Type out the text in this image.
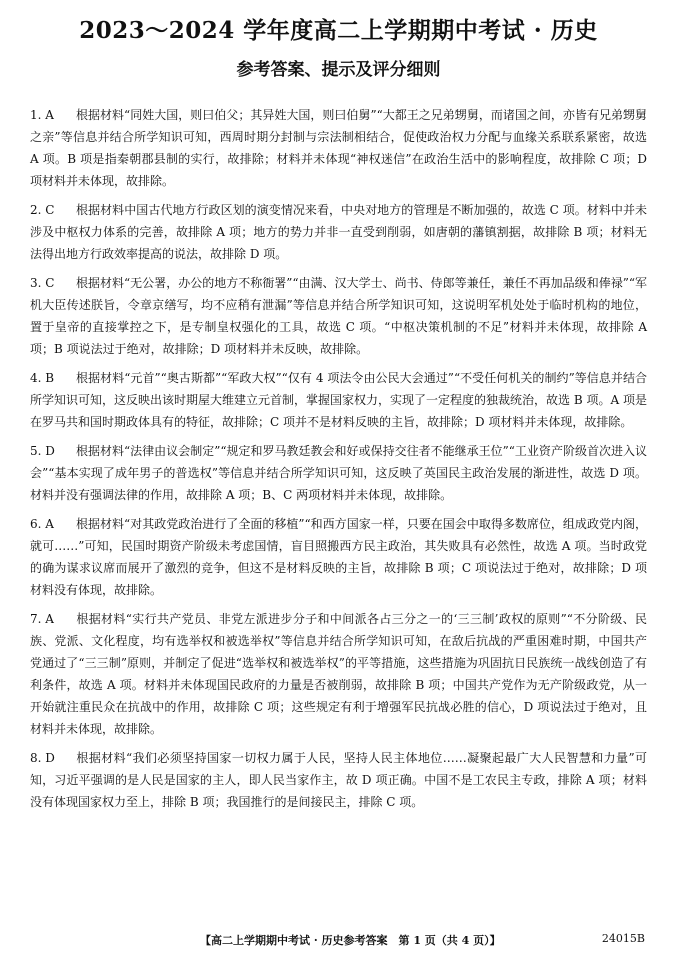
2023～2024 学年度高二上学期期中考试 · 历史
参考答案、提示及评分细则
1. A 根据材料“同姓大国，则曰伯父；其异姓大国，则曰伯舅”“大都王之兄弟甥舅，而诸国之间，亦皆有兄弟甥舅之亲”等信息并结合所学知识可知，西周时期分封制与宗法制相结合，促使政治权力分配与血缘关系联系紧密，故选 A 项。B 项是指秦朝郡县制的实行，故排除；材料并未体现“神权迷信”在政治生活中的影响程度，故排除 C 项；D 项材料并未体现，故排除。
2. C 根据材料中国古代地方行政区划的演变情况来看，中央对地方的管理是不断加强的，故选 C 项。材料中并未涉及中枢权力体系的完善，故排除 A 项；地方的势力并非一直受到削弱，如唐朝的藩镇割据，故排除 B 项；材料无法得出地方行政效率提高的说法，故排除 D 项。
3. C 根据材料“无公署，办公的地方不称衙署”“由满、汉大学士、尚书、侍郎等兼任，兼任不再加品级和俸禄”“军机大臣传述朕旨，令章京缮写，均不应稍有泄漏”等信息并结合所学知识可知，这说明军机处处于临时机构的地位，置于皇帝的直接掌控之下，是专制皇权强化的工具，故选 C 项。“中枢决策机制的不足”材料并未体现，故排除 A 项；B 项说法过于绝对，故排除；D 项材料并未反映，故排除。
4. B 根据材料“元首”“奥古斯都”“军政大权”“仅有 4 项法令由公民大会通过”“不受任何机关的制约”等信息并结合所学知识可知，这反映出该时期屋大维建立元首制，掌握国家权力，实现了一定程度的独裁统治，故选 B 项。A 项是在罗马共和国时期政体具有的特征，故排除；C 项并不是材料反映的主旨，故排除；D 项材料并未体现，故排除。
5. D 根据材料“法律由议会制定”“规定和罗马教廷教会和好或保持交往者不能继承王位”“工业资产阶级首次进入议会”“基本实现了成年男子的普选权”等信息并结合所学知识可知，这反映了英国民主政治发展的渐进性，故选 D 项。材料并没有强调法律的作用，故排除 A 项；B、C 两项材料并未体现，故排除。
6. A 根据材料“对其政党政治进行了全面的移植”“和西方国家一样，只要在国会中取得多数席位，组成政党内阁，就可……”可知，民国时期资产阶级未考虑国情，盲目照搬西方民主政治，其失败具有必然性，故选 A 项。当时政党的确为谋求议席而展开了激烈的竞争，但这不是材料反映的主旨，故排除 B 项；C 项说法过于绝对，故排除；D 项材料没有体现，故排除。
7. A 根据材料“实行共产党员、非党左派进步分子和中间派各占三分之一的‘三三制’政权的原则”“不分阶级、民族、党派、文化程度，均有选举权和被选举权”等信息并结合所学知识可知，在敌后抗战的严重困难时期，中国共产党通过了“三三制”原则，并制定了促进“选举权和被选举权”的平等措施，这些措施为巩固抗日民族统一战线创造了有利条件，故选 A 项。材料并未体现国民政府的力量是否被削弱，故排除 B 项；中国共产党作为无产阶级政党，从一开始就注重民众在抗战中的作用，故排除 C 项；这些规定有利于增强军民抗战必胜的信心，D 项说法过于绝对，且材料并未体现，故排除。
8. D 根据材料“我们必须坚持国家一切权力属于人民，坚持人民主体地位……凝聚起最广大人民智慧和力量”可知，习近平强调的是人民是国家的主人，即人民当家作主，故 D 项正确。中国不是工农民主专政，排除 A 项；材料没有体现国家权力至上，排除 B 项；我国推行的是间接民主，排除 C 项。
【高二上学期期中考试 · 历史参考答案　第 1 页（共 4 页）】	24015B
